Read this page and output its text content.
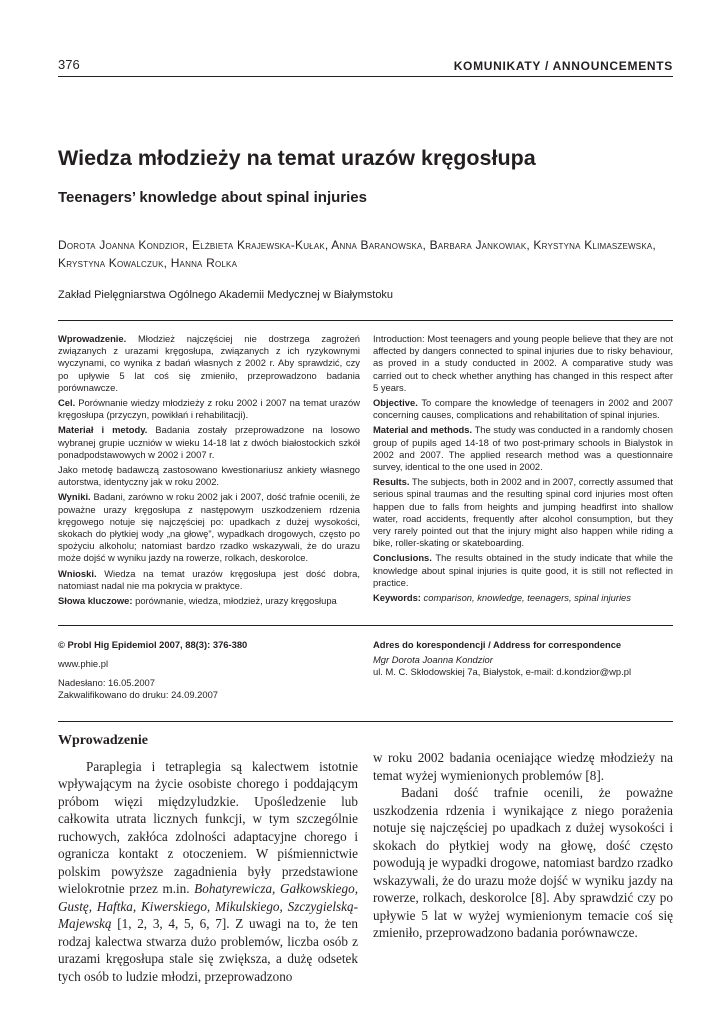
376	KOMUNIKATY / ANNOUNCEMENTS
Wiedza młodzieży na temat urazów kręgosłupa
Teenagers’ knowledge about spinal injuries
Dorota Joanna Kondzior, Elżbieta Krajewska-Kułak, Anna Baranowska, Barbara Jankowiak, Krystyna Klimaszewska,
Krystyna Kowalczuk, Hanna Rolka
Zakład Pielęgniarstwa Ogólnego Akademii Medycznej w Białymstoku

Wprowadzenie. Młodzież najczęściej nie dostrzega zagrożeń związanych z urazami kręgosłupa, związanych z ich ryzykownymi wyczynami, co wynika z badań własnych z 2002 r. Aby sprawdzić, czy po upływie 5 lat coś się zmieniło, przeprowadzono badania porównawcze.

Cel. Porównanie wiedzy młodzieży z roku 2002 i 2007 na temat urazów kręgosłupa (przyczyn, powikłań i rehabilitacji).

Materiał i metody. Badania zostały przeprowadzone na losowo wybranej grupie uczniów w wieku 14-18 lat z dwóch białostockich szkół ponadpodstawowych w 2002 i 2007 r.

Jako metodę badawczą zastosowano kwestionariusz ankiety własnego autorstwa, identyczny jak w roku 2002.

Wyniki. Badani, zarówno w roku 2002 jak i 2007, dość trafnie ocenili, że poważne urazy kręgosłupa z następowym uszkodzeniem rdzenia kręgowego notuje się najczęściej po: upadkach z dużej wysokości, skokach do płytkiej wody „na głowę”, wypadkach drogowych, często po spożyciu alkoholu; natomiast bardzo rzadko wskazywali, że do urazu może dojść w wyniku jazdy na rowerze, rolkach, deskorolce.

Wnioski. Wiedza na temat urazów kręgosłupa jest dość dobra, natomiast nadal nie ma pokrycia w praktyce.

Słowa kluczowe: porównanie, wiedza, młodzież, urazy kręgosłupa

Introduction: Most teenagers and young people believe that they are not affected by dangers connected to spinal injuries due to risky behaviour, as proved in a study conducted in 2002. A comparative study was carried out to check whether anything has changed in this respect after 5 years.

Objective. To compare the knowledge of teenagers in 2002 and 2007 concerning causes, complications and rehabilitation of spinal injuries.

Material and methods. The study was conducted in a randomly chosen group of pupils aged 14-18 of two post-primary schools in Bialystok in 2002 and 2007. The applied research method was a questionnaire survey, identical to the one used in 2002.

Results. The subjects, both in 2002 and in 2007, correctly assumed that serious spinal traumas and the resulting spinal cord injuries most often happen due to falls from heights and jumping headfirst into shallow water, road accidents, frequently after alcohol consumption, but they very rarely pointed out that the injury might also happen while riding a bike, roller-skating or skateboarding.

Conclusions. The results obtained in the study indicate that while the knowledge about spinal injuries is quite good, it is still not reflected in practice.

Keywords: comparison, knowledge, teenagers, spinal injuries

© Probl Hig Epidemiol 2007, 88(3): 376-380

www.phie.pl

Nadesłano: 16.05.2007

Zakwalifikowano do druku: 24.09.2007

Adres do korespondencji / Address for correspondence

Mgr Dorota Joanna Kondzior

ul. M. C. Skłodowskiej 7a, Białystok, e-mail: d.kondzior@wp.pl

Wprowadzenie

Paraplegia i tetraplegia są kalectwem istotnie wpływającym na życie osobiste chorego i poddającym próbom więzi międzyludzkie. Upośledzenie lub całkowita utrata licznych funkcji, w tym szczególnie ruchowych, zakłóca zdolności adaptacyjne chorego i ogranicza kontakt z otoczeniem. W piśmiennictwie polskim powyższe zagadnienia były przedstawione wielokrotnie przez m.in. Bohatyrewicza, Gałkowskiego, Gustę, Haftka, Kiwerskiego, Mikulskiego, Szczygielską-Majewską [1, 2, 3, 4, 5, 6, 7]. Z uwagi na to, że ten rodzaj kalectwa stwarza dużo problemów, liczba osób z urazami kręgosłupa stale się zwiększa, a dużę odsetek tych osób to ludzie młodzi, przeprowadzono

w roku 2002 badania oceniające wiedzę młodzieży na temat wyżej wymienionych problemów [8].

Badani dość trafnie ocenili, że poważne uszkodzenia rdzenia i wynikające z niego porażenia notuje się najczęściej po upadkach z dużej wysokości i skokach do płytkiej wody na głowę, dość często powodują je wypadki drogowe, natomiast bardzo rzadko wskazywali, że do urazu może dojść w wyniku jazdy na rowerze, rolkach, deskorolce [8]. Aby sprawdzić czy po upływie 5 lat w wyżej wymienionym temacie coś się zmieniło, przeprowadzono badania porównawcze.
